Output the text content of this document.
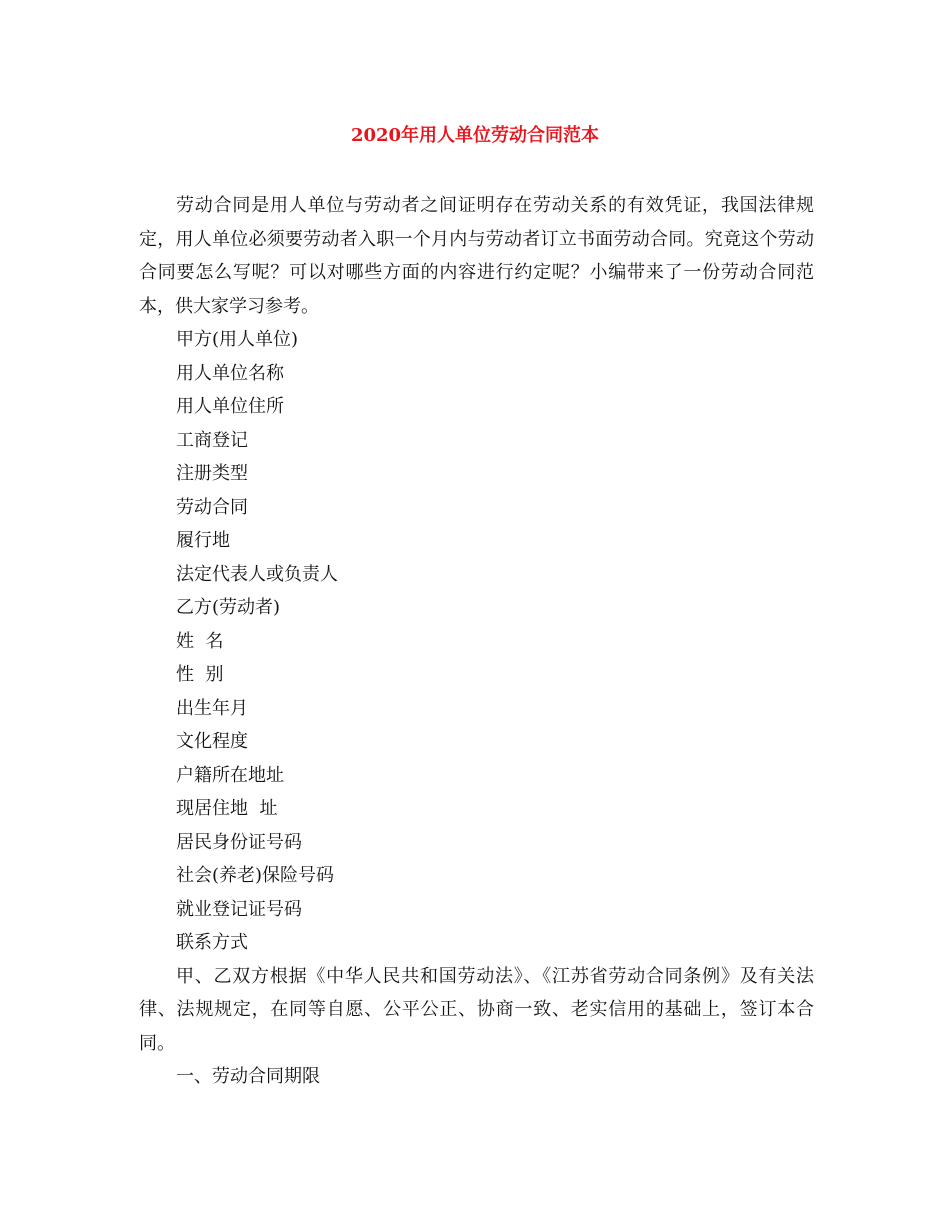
2020年用人单位劳动合同范本

劳动合同是用人单位与劳动者之间证明存在劳动关系的有效凭证，我国法律规定，用人单位必须要劳动者入职一个月内与劳动者订立书面劳动合同。究竟这个劳动合同要怎么写呢？可以对哪些方面的内容进行约定呢？小编带来了一份劳动合同范本，供大家学习参考。

甲方(用人单位)

用人单位名称

用人单位住所

工商登记

注册类型

劳动合同

履行地

法定代表人或负责人

乙方(劳动者)

姓  名

性  别

出生年月

文化程度

户籍所在地址

现居住地  址

居民身份证号码

社会(养老)保险号码

就业登记证号码

联系方式

甲、乙双方根据《中华人民共和国劳动法》、《江苏省劳动合同条例》及有关法律、法规规定，在同等自愿、公平公正、协商一致、老实信用的基础上，签订本合同。

一、劳动合同期限
